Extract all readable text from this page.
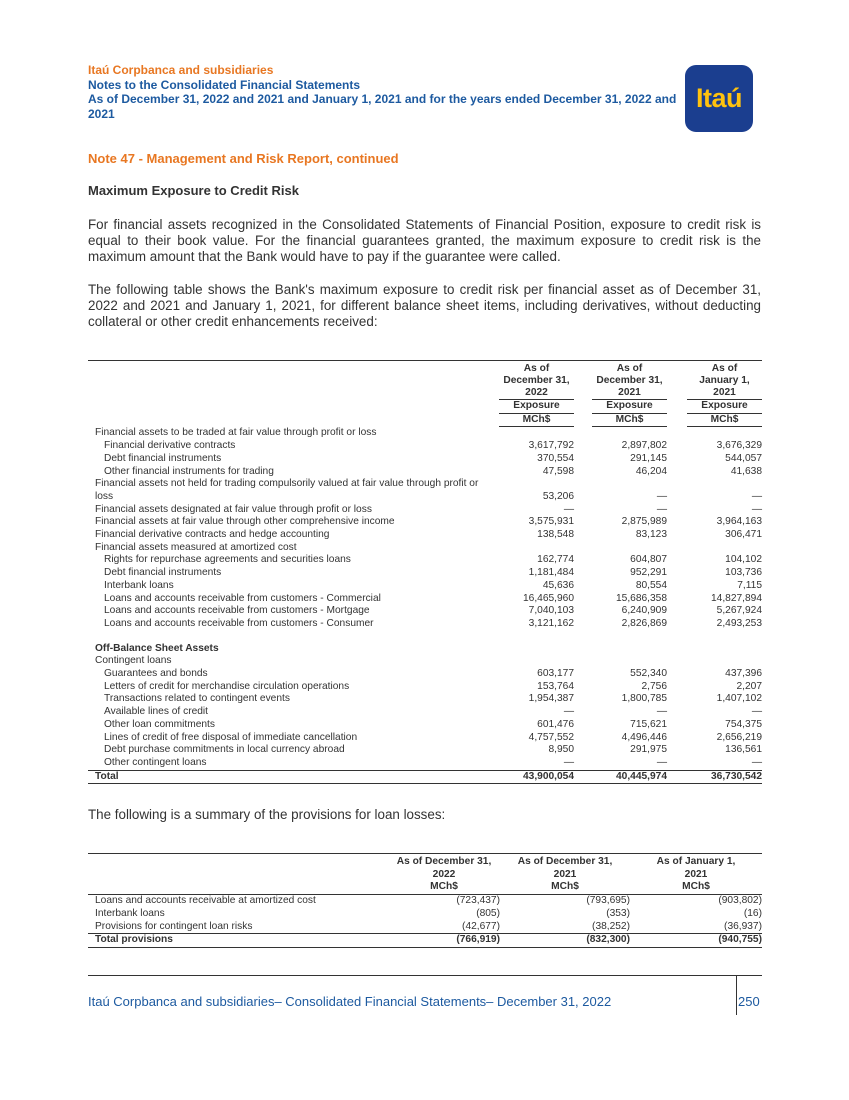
Itaú Corpbanca and subsidiaries
Notes to the Consolidated Financial Statements
As of December 31, 2022 and 2021 and January 1, 2021 and for the years ended December 31, 2022 and 2021
Itaú
Note 47 - Management and Risk Report, continued
Maximum Exposure to Credit Risk
For financial assets recognized in the Consolidated Statements of Financial Position, exposure to credit risk is equal to their book value. For the financial guarantees granted, the maximum exposure to credit risk is the maximum amount that the Bank would have to pay if the guarantee were called.
The following table shows the Bank's maximum exposure to credit risk per financial asset as of December 31, 2022 and 2021 and January 1, 2021, for different balance sheet items, including derivatives, without deducting collateral or other credit enhancements received:
	As of
December 31,
2022		As of
December 31,
2021		As of
January 1,
2021
	Exposure		Exposure		Exposure
	MCh$		MCh$		MCh$
Financial assets to be traded at fair value through profit or loss					
Financial derivative contracts	3,617,792		2,897,802		3,676,329
Debt financial instruments	370,554		291,145		544,057
Other financial instruments for trading	47,598		46,204		41,638
Financial assets not held for trading compulsorily valued at fair value through profit or loss	53,206		—		—
Financial assets designated at fair value through profit or loss	—		—		—
Financial assets at fair value through other comprehensive income	3,575,931		2,875,989		3,964,163
Financial derivative contracts and hedge accounting	138,548		83,123		306,471
Financial assets measured at amortized cost					
Rights for repurchase agreements and securities loans	162,774		604,807		104,102
Debt financial instruments	1,181,484		952,291		103,736
Interbank loans	45,636		80,554		7,115
Loans and accounts receivable from customers - Commercial	16,465,960		15,686,358		14,827,894
Loans and accounts receivable from customers - Mortgage	7,040,103		6,240,909		5,267,924
Loans and accounts receivable from customers - Consumer	3,121,162		2,826,869		2,493,253

Off-Balance Sheet Assets					
Contingent loans					
Guarantees and bonds	603,177		552,340		437,396
Letters of credit for merchandise circulation operations	153,764		2,756		2,207
Transactions related to contingent events	1,954,387		1,800,785		1,407,102
Available lines of credit	—		—		—
Other loan commitments	601,476		715,621		754,375
Lines of credit of free disposal of immediate cancellation	4,757,552		4,496,446		2,656,219
Debt purchase commitments in local currency abroad	8,950		291,975		136,561
Other contingent loans	—		—		—
Total	43,900,054		40,445,974		36,730,542
The following is a summary of the provisions for loan losses:
	As of December 31,
2022	As of December 31,
2021	As of January 1,
2021
	MCh$	MCh$	MCh$
Loans and accounts receivable at amortized cost	(723,437)	(793,695)	(903,802)
Interbank loans	(805)	(353)	(16)
Provisions for contingent loan risks	(42,677)	(38,252)	(36,937)
Total provisions	(766,919)	(832,300)	(940,755)
Itaú Corpbanca and subsidiaries– Consolidated Financial Statements– December 31, 2022	250
